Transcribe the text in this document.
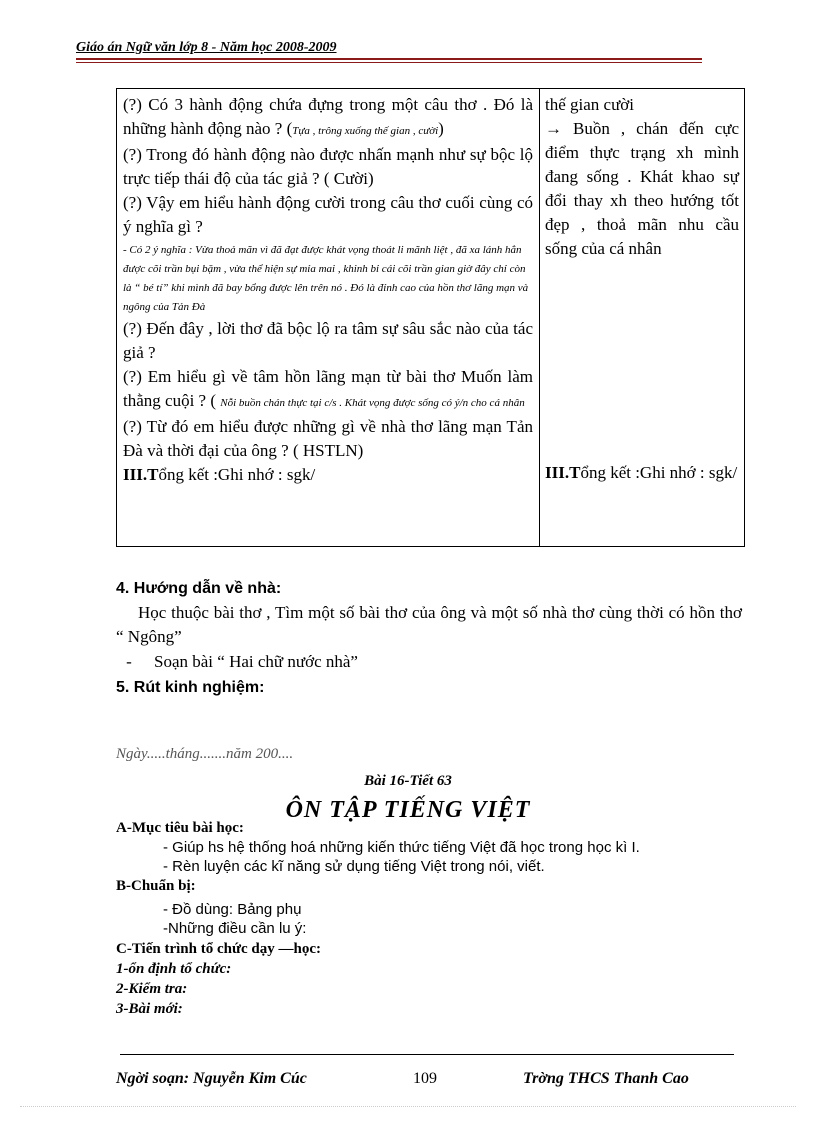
Giáo án Ngữ văn lớp 8 - Năm học 2008-2009

(?) Có 3 hành động chứa đựng trong một câu thơ . Đó là những hành động nào ? (Tựa , trông xuống thế gian , cười)

(?) Trong đó hành động nào được nhấn mạnh như sự bộc lộ trực tiếp thái độ của tác giả ? ( Cười)

(?) Vậy em hiểu hành động cười trong câu thơ cuối cùng có ý nghĩa gì ?

- Có 2 ý nghĩa : Vừa thoả mãn vì đã đạt được khát vọng thoát li mãnh liệt , đã xa lánh hẳn được cõi trần bụi bặm , vừa thể hiện sự mỉa mai , khinh bỉ cái cõi trần gian giờ đây chỉ còn là “ bé tí” khi mình đã bay bổng được lên trên nó . Đó là đỉnh cao của hồn thơ lãng mạn và ngông của Tản Đà

(?) Đến đây , lời thơ đã bộc lộ ra tâm sự sâu sắc nào của tác giả ?

(?) Em hiểu gì về tâm hồn lãng mạn từ bài thơ Muốn làm thằng cuội ? ( Nỗi buồn chán thực tại c/s . Khát vọng được sống có ý/n cho cá nhân

(?) Từ đó em hiểu được những gì về nhà thơ lãng mạn Tản Đà và thời đại của ông ? ( HSTLN)

III.Tổng kết :Ghi nhớ : sgk/

thế gian cười

→ Buồn , chán đến cực điểm thực trạng xh mình đang sống . Khát khao sự đổi thay xh theo hướng tốt đẹp , thoả mãn nhu cầu sống của cá nhân

III.Tổng kết :Ghi nhớ : sgk/
4. Hướng dẫn về nhà:
Học thuộc bài thơ , Tìm một số bài thơ của ông và một số nhà thơ cùng thời có hồn thơ “ Ngông”
- Soạn bài “ Hai chữ nước nhà”
5. Rút kinh nghiệm:
Ngày.....tháng.......năm 200....
Bài 16-Tiết 63
ÔN TẬP TIẾNG VIỆT
A-Mục tiêu bài học:
- Giúp hs hệ thống hoá những kiến thức tiếng Việt đã học trong học kì I.
- Rèn luyện các kĩ năng sử dụng tiếng Việt trong nói, viết.
B-Chuẩn bị:
- Đồ dùng: Bảng phụ
-Những điều cần lu ý:
C-Tiến trình tổ chức dạy —học:
1-ổn định tổ chức:
2-Kiểm tra:
3-Bài mới:
Ngời soạn: Nguyễn Kim Cúc	109	Trờng THCS Thanh Cao
